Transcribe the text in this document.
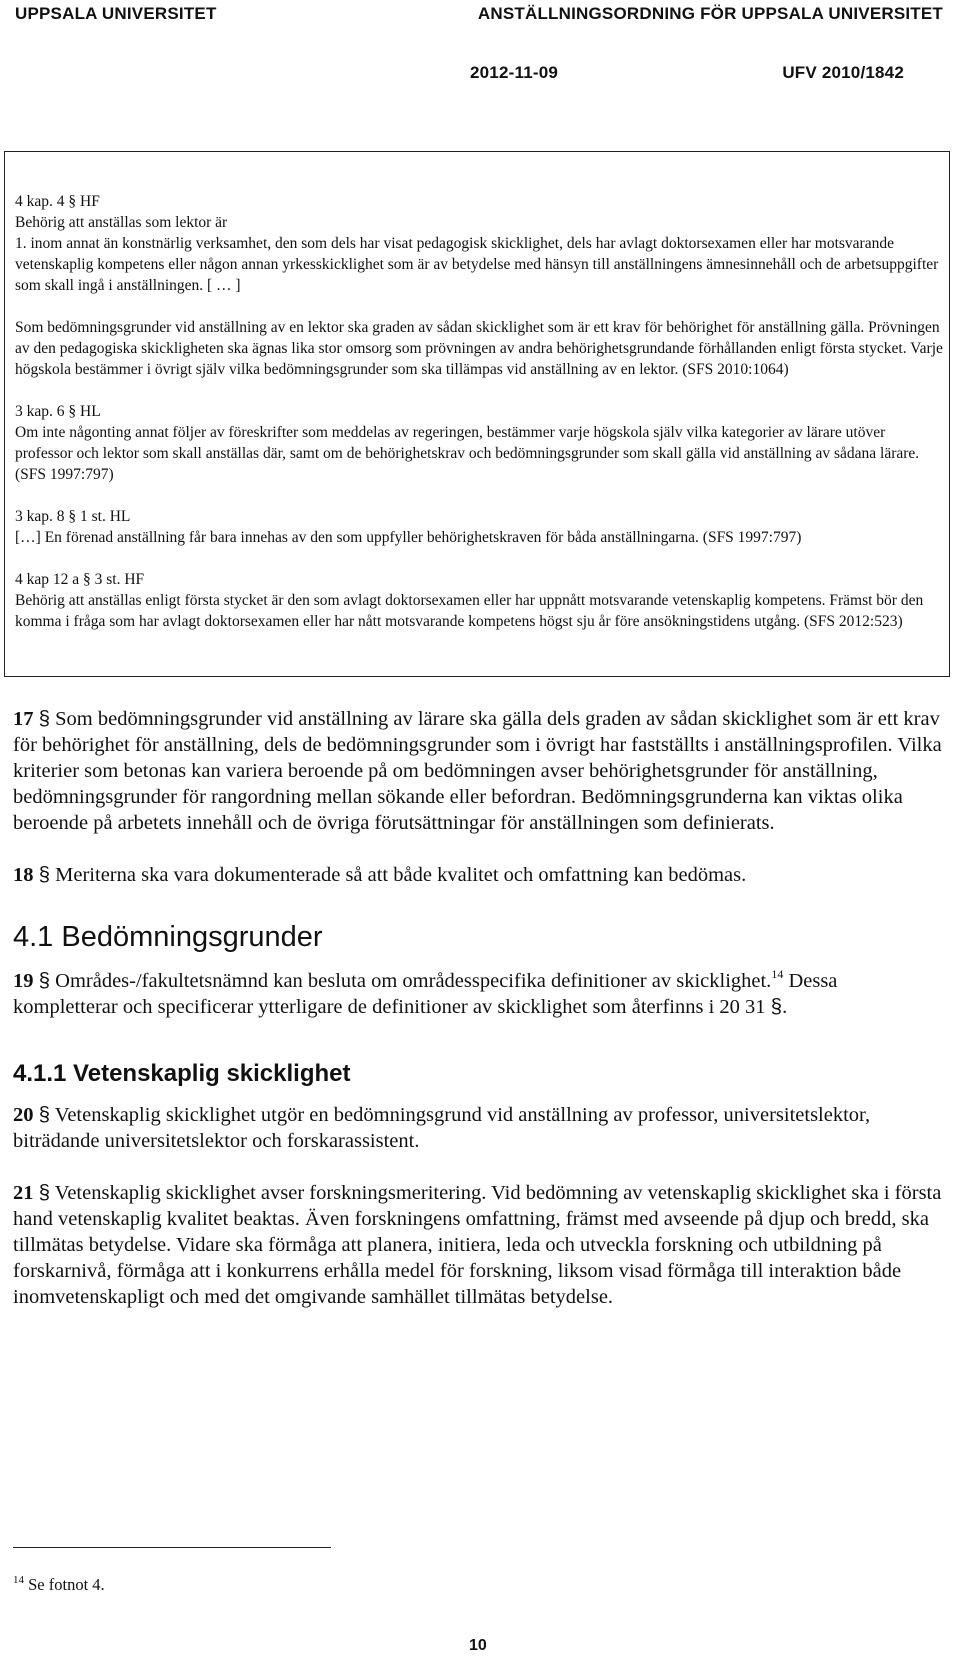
UPPSALA UNIVERSITET	ANSTÄLLNINGSORDNING FÖR UPPSALA UNIVERSITET
2012-11-09	UFV 2010/1842

4 kap. 4 § HF

Behörig att anställas som lektor är

1. inom annat än konstnärlig verksamhet, den som dels har visat pedagogisk skicklighet, dels har avlagt doktorsexamen eller har motsvarande vetenskaplig kompetens eller någon annan yrkesskicklighet som är av betydelse med hänsyn till anställningens ämnesinnehåll och de arbetsuppgifter som skall ingå i anställningen. [ … ]

Som bedömningsgrunder vid anställning av en lektor ska graden av sådan skicklighet som är ett krav för behörighet för anställning gälla. Prövningen av den pedagogiska skickligheten ska ägnas lika stor omsorg som prövningen av andra behörighetsgrundande förhållanden enligt första stycket. Varje högskola bestämmer i övrigt själv vilka bedömningsgrunder som ska tillämpas vid anställning av en lektor. (SFS 2010:1064)

3 kap. 6 § HL

Om inte någonting annat följer av föreskrifter som meddelas av regeringen, bestämmer varje högskola själv vilka kategorier av lärare utöver professor och lektor som skall anställas där, samt om de behörighetskrav och bedömningsgrunder som skall gälla vid anställning av sådana lärare. (SFS 1997:797)

3 kap. 8 § 1 st. HL

[…] En förenad anställning får bara innehas av den som uppfyller behörighetskraven för båda anställningarna. (SFS 1997:797)

4 kap 12 a § 3 st. HF

Behörig att anställas enligt första stycket är den som avlagt doktorsexamen eller har uppnått motsvarande vetenskaplig kompetens. Främst bör den komma i fråga som har avlagt doktorsexamen eller har nått motsvarande kompetens högst sju år före ansökningstidens utgång. (SFS 2012:523)

17 § Som bedömningsgrunder vid anställning av lärare ska gälla dels graden av sådan skicklighet som är ett krav för behörighet för anställning, dels de bedömningsgrunder som i övrigt har fastställts i anställningsprofilen. Vilka kriterier som betonas kan variera beroende på om bedömningen avser behörighetsgrunder för anställning, bedömningsgrunder för rangordning mellan sökande eller befordran. Bedömningsgrunderna kan viktas olika beroende på arbetets innehåll och de övriga förutsättningar för anställningen som definierats.

18 § Meriterna ska vara dokumenterade så att både kvalitet och omfattning kan bedömas.

4.1 Bedömningsgrunder

19 § Områdes-/fakultetsnämnd kan besluta om områdesspecifika definitioner av skicklighet.$^{14}$ Dessa kompletterar och specificerar ytterligare de definitioner av skicklighet som återfinns i 20 31 §.

4.1.1 Vetenskaplig skicklighet

20 § Vetenskaplig skicklighet utgör en bedömningsgrund vid anställning av professor, universitetslektor, biträdande universitetslektor och forskarassistent.

21 § Vetenskaplig skicklighet avser forskningsmeritering. Vid bedömning av vetenskaplig skicklighet ska i första hand vetenskaplig kvalitet beaktas. Även forskningens omfattning, främst med avseende på djup och bredd, ska tillmätas betydelse. Vidare ska förmåga att planera, initiera, leda och utveckla forskning och utbildning på forskarnivå, förmåga att i konkurrens erhålla medel för forskning, liksom visad förmåga till interaktion både inomvetenskapligt och med det omgivande samhället tillmätas betydelse.

$^{14}$ Se fotnot 4.
10
